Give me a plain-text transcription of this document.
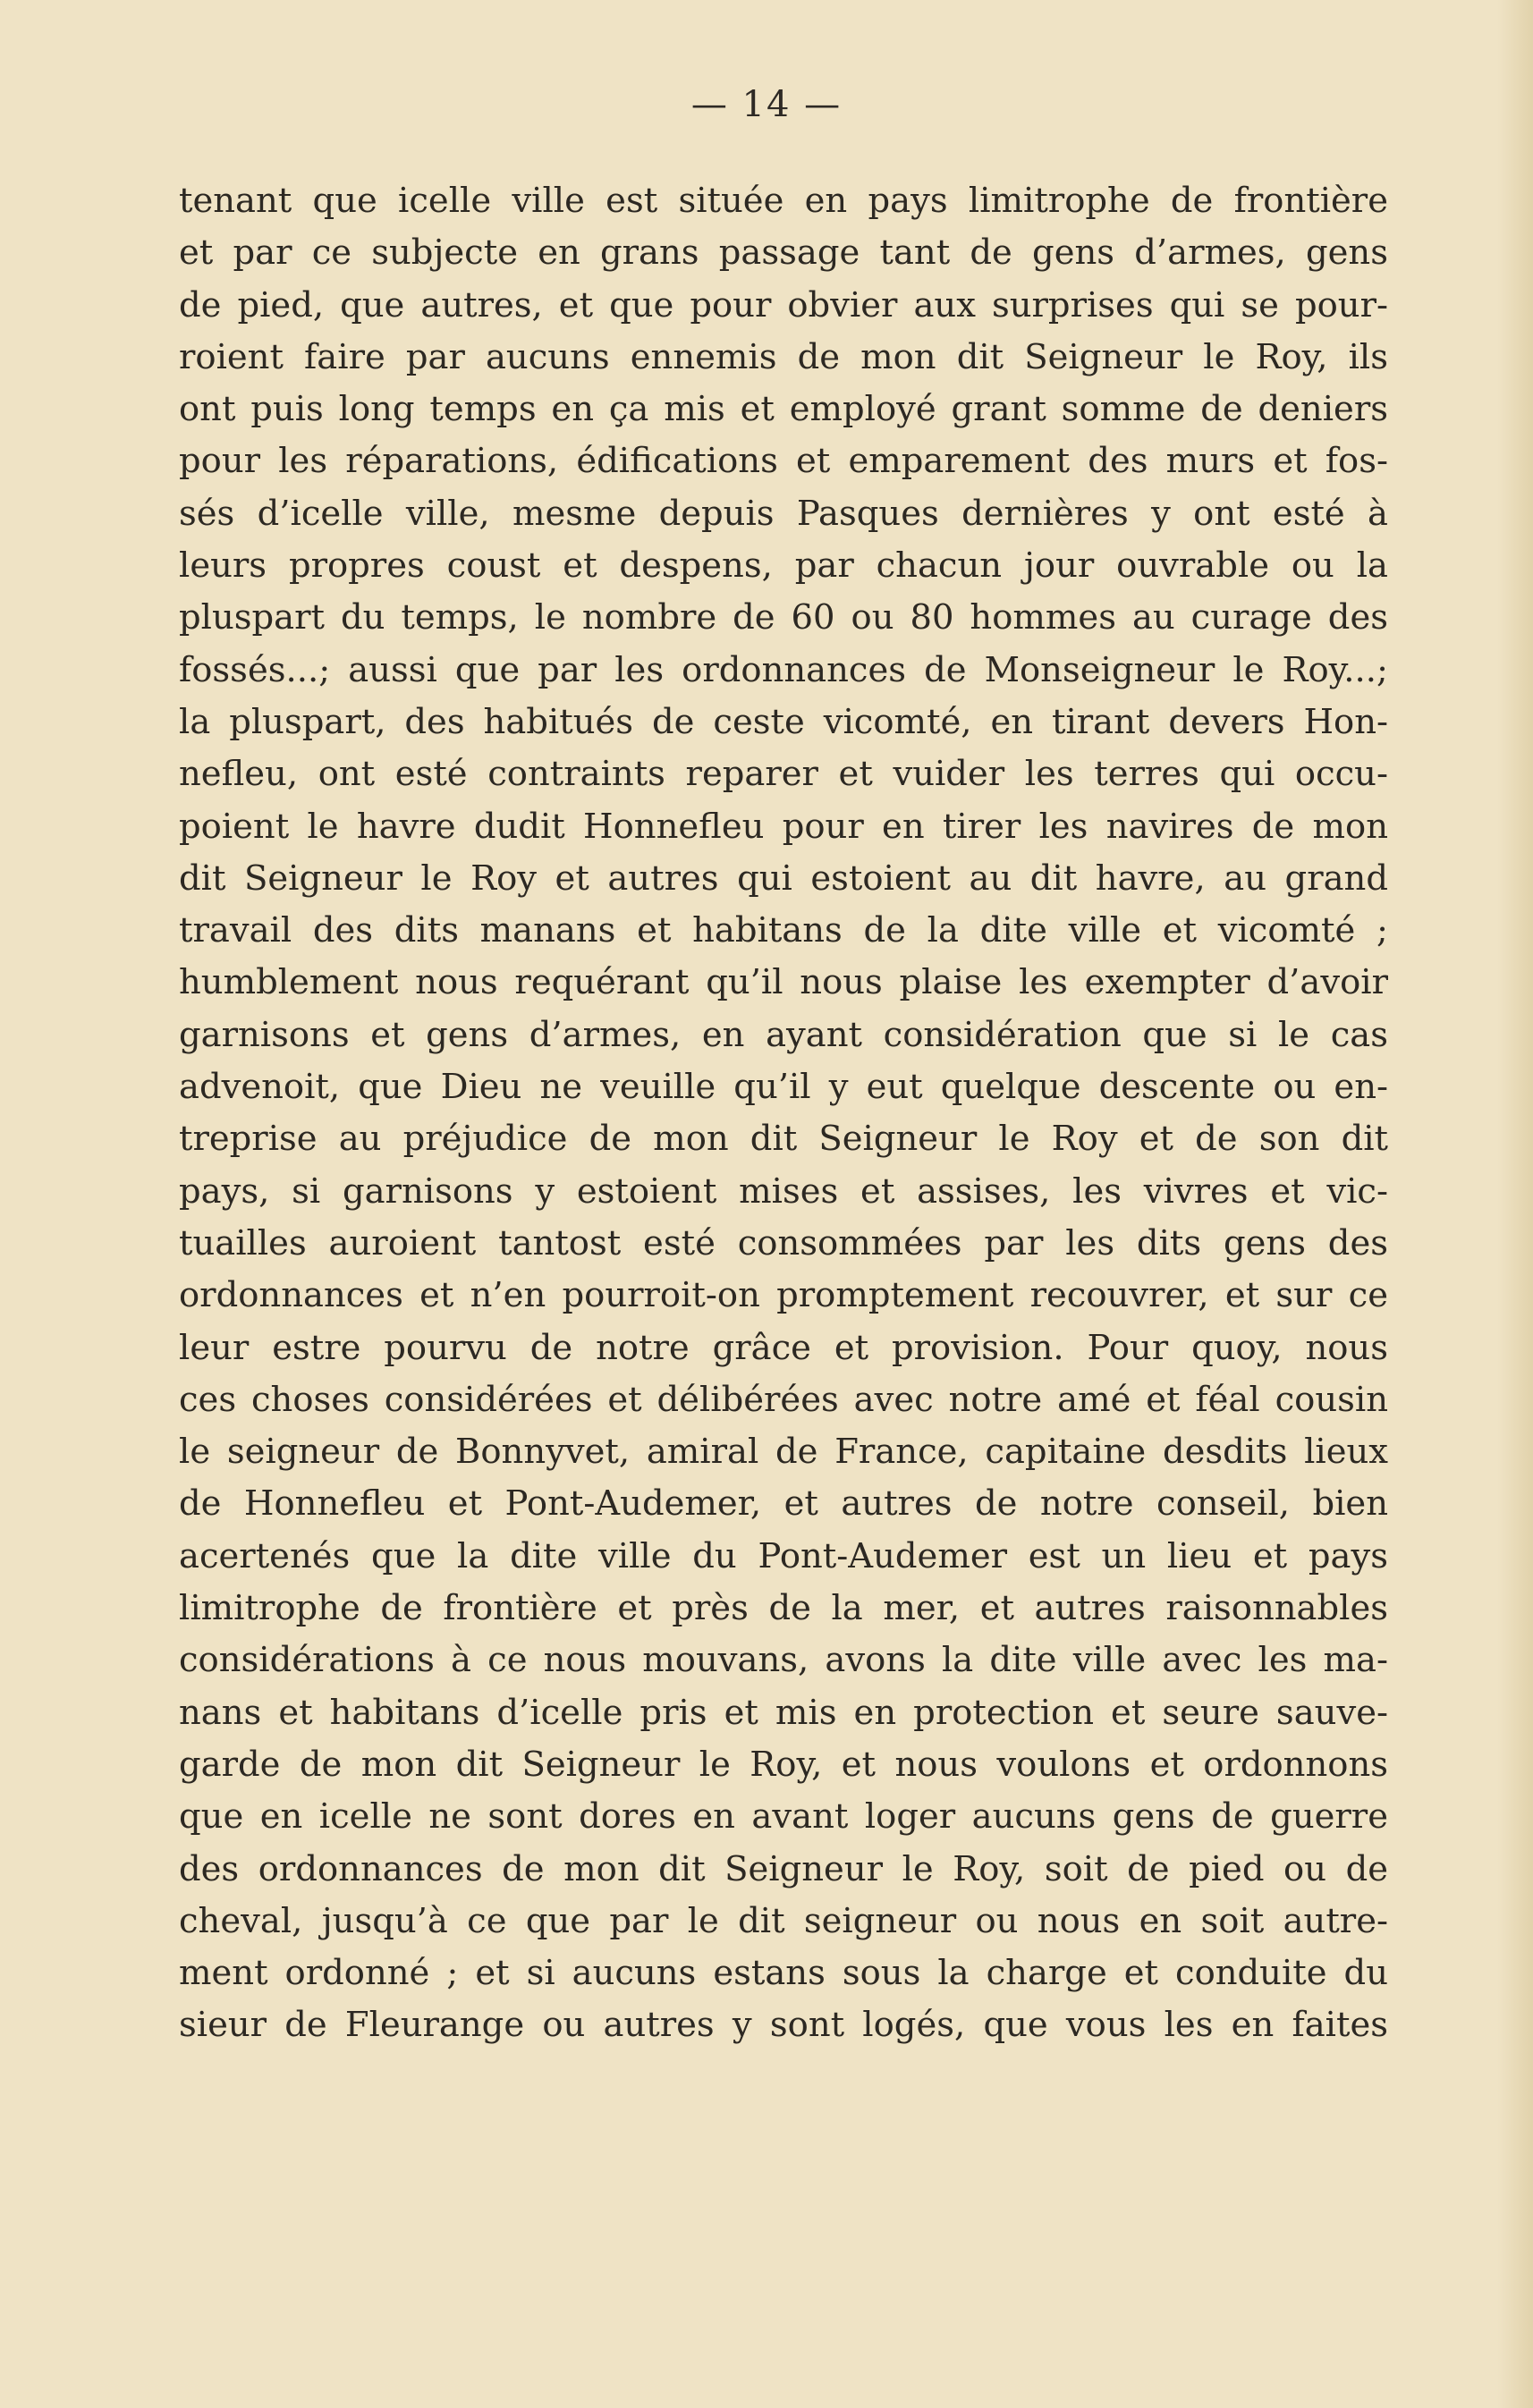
— 14 —
tenant que icelle ville est située en pays limitrophe de frontière
et par ce subjecte en grans passage tant de gens d’armes, gens
de pied, que autres, et que pour obvier aux surprises qui se pour-
roient faire par aucuns ennemis de mon dit Seigneur le Roy, ils
ont puis long temps en ça mis et employé grant somme de deniers
pour les réparations, édifications et emparement des murs et fos-
sés d’icelle ville, mesme depuis Pasques dernières y ont esté à
leurs propres coust et despens, par chacun jour ouvrable ou la
pluspart du temps, le nombre de 60 ou 80 hommes au curage des
fossés...; aussi que par les ordonnances de Monseigneur le Roy...;
la pluspart, des habitués de ceste vicomté, en tirant devers Hon-
nefleu, ont esté contraints reparer et vuider les terres qui occu-
poient le havre dudit Honnefleu pour en tirer les navires de mon
dit Seigneur le Roy et autres qui estoient au dit havre, au grand
travail des dits manans et habitans de la dite ville et vicomté ;
humblement nous requérant qu’il nous plaise les exempter d’avoir
garnisons et gens d’armes, en ayant considération que si le cas
advenoit, que Dieu ne veuille qu’il y eut quelque descente ou en-
treprise au préjudice de mon dit Seigneur le Roy et de son dit
pays, si garnisons y estoient mises et assises, les vivres et vic-
tuailles auroient tantost esté consommées par les dits gens des
ordonnances et n’en pourroit-on promptement recouvrer, et sur ce
leur estre pourvu de notre grâce et provision. Pour quoy, nous
ces choses considérées et délibérées avec notre amé et féal cousin
le seigneur de Bonnyvet, amiral de France, capitaine desdits lieux
de Honnefleu et Pont-Audemer, et autres de notre conseil, bien
acertenés que la dite ville du Pont-Audemer est un lieu et pays
limitrophe de frontière et près de la mer, et autres raisonnables
considérations à ce nous mouvans, avons la dite ville avec les ma-
nans et habitans d’icelle pris et mis en protection et seure sauve-
garde de mon dit Seigneur le Roy, et nous voulons et ordonnons
que en icelle ne sont dores en avant loger aucuns gens de guerre
des ordonnances de mon dit Seigneur le Roy, soit de pied ou de
cheval, jusqu’à ce que par le dit seigneur ou nous en soit autre-
ment ordonné ; et si aucuns estans sous la charge et conduite du
sieur de Fleurange ou autres y sont logés, que vous les en faites
